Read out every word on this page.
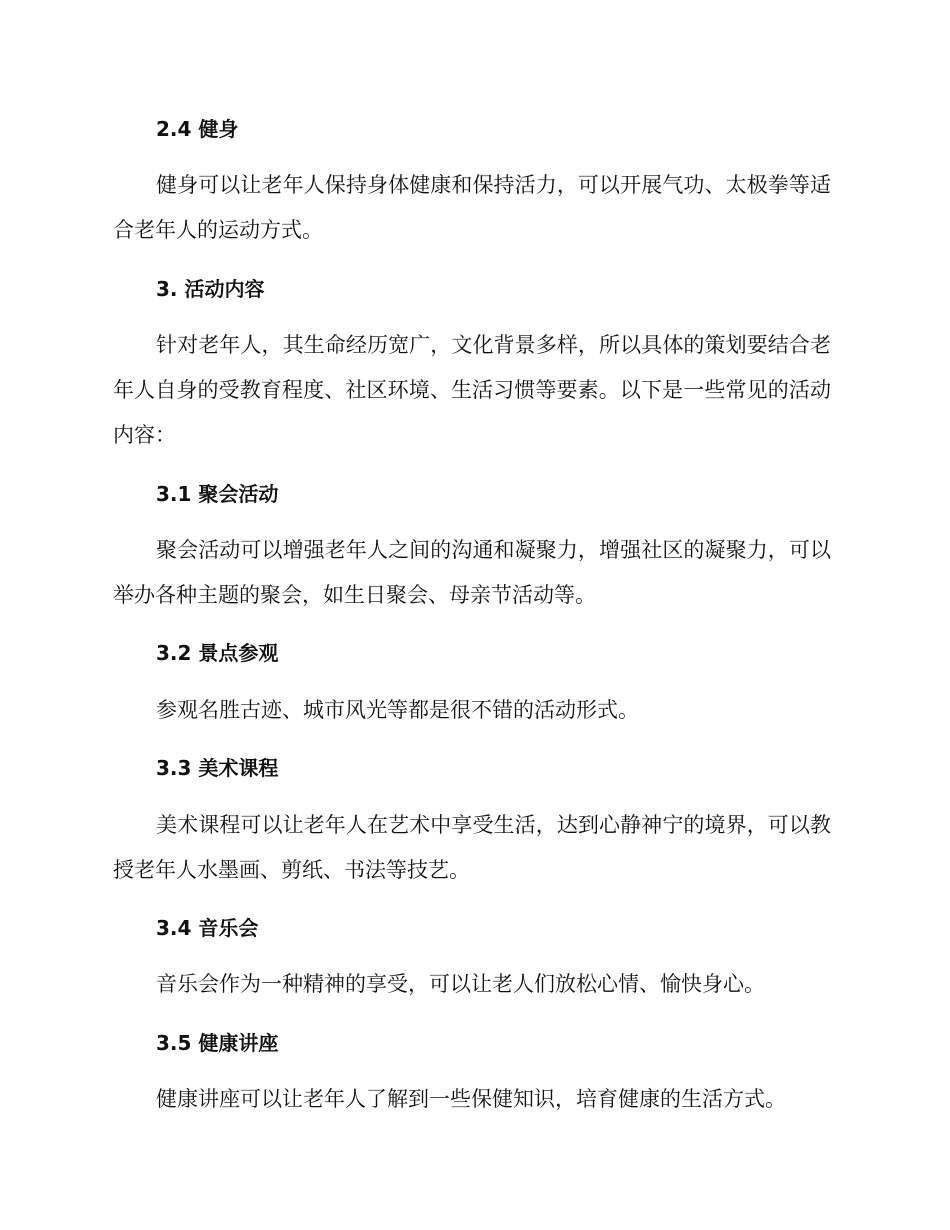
2.4 健身
健身可以让老年人保持身体健康和保持活力，可以开展气功、太极拳等适合老年人的运动方式。
3. 活动内容
针对老年人，其生命经历宽广，文化背景多样，所以具体的策划要结合老年人自身的受教育程度、社区环境、生活习惯等要素。以下是一些常见的活动内容：
3.1 聚会活动
聚会活动可以增强老年人之间的沟通和凝聚力，增强社区的凝聚力，可以举办各种主题的聚会，如生日聚会、母亲节活动等。
3.2 景点参观
参观名胜古迹、城市风光等都是很不错的活动形式。
3.3 美术课程
美术课程可以让老年人在艺术中享受生活，达到心静神宁的境界，可以教授老年人水墨画、剪纸、书法等技艺。
3.4 音乐会
音乐会作为一种精神的享受，可以让老人们放松心情、愉快身心。
3.5 健康讲座
健康讲座可以让老年人了解到一些保健知识，培育健康的生活方式。
